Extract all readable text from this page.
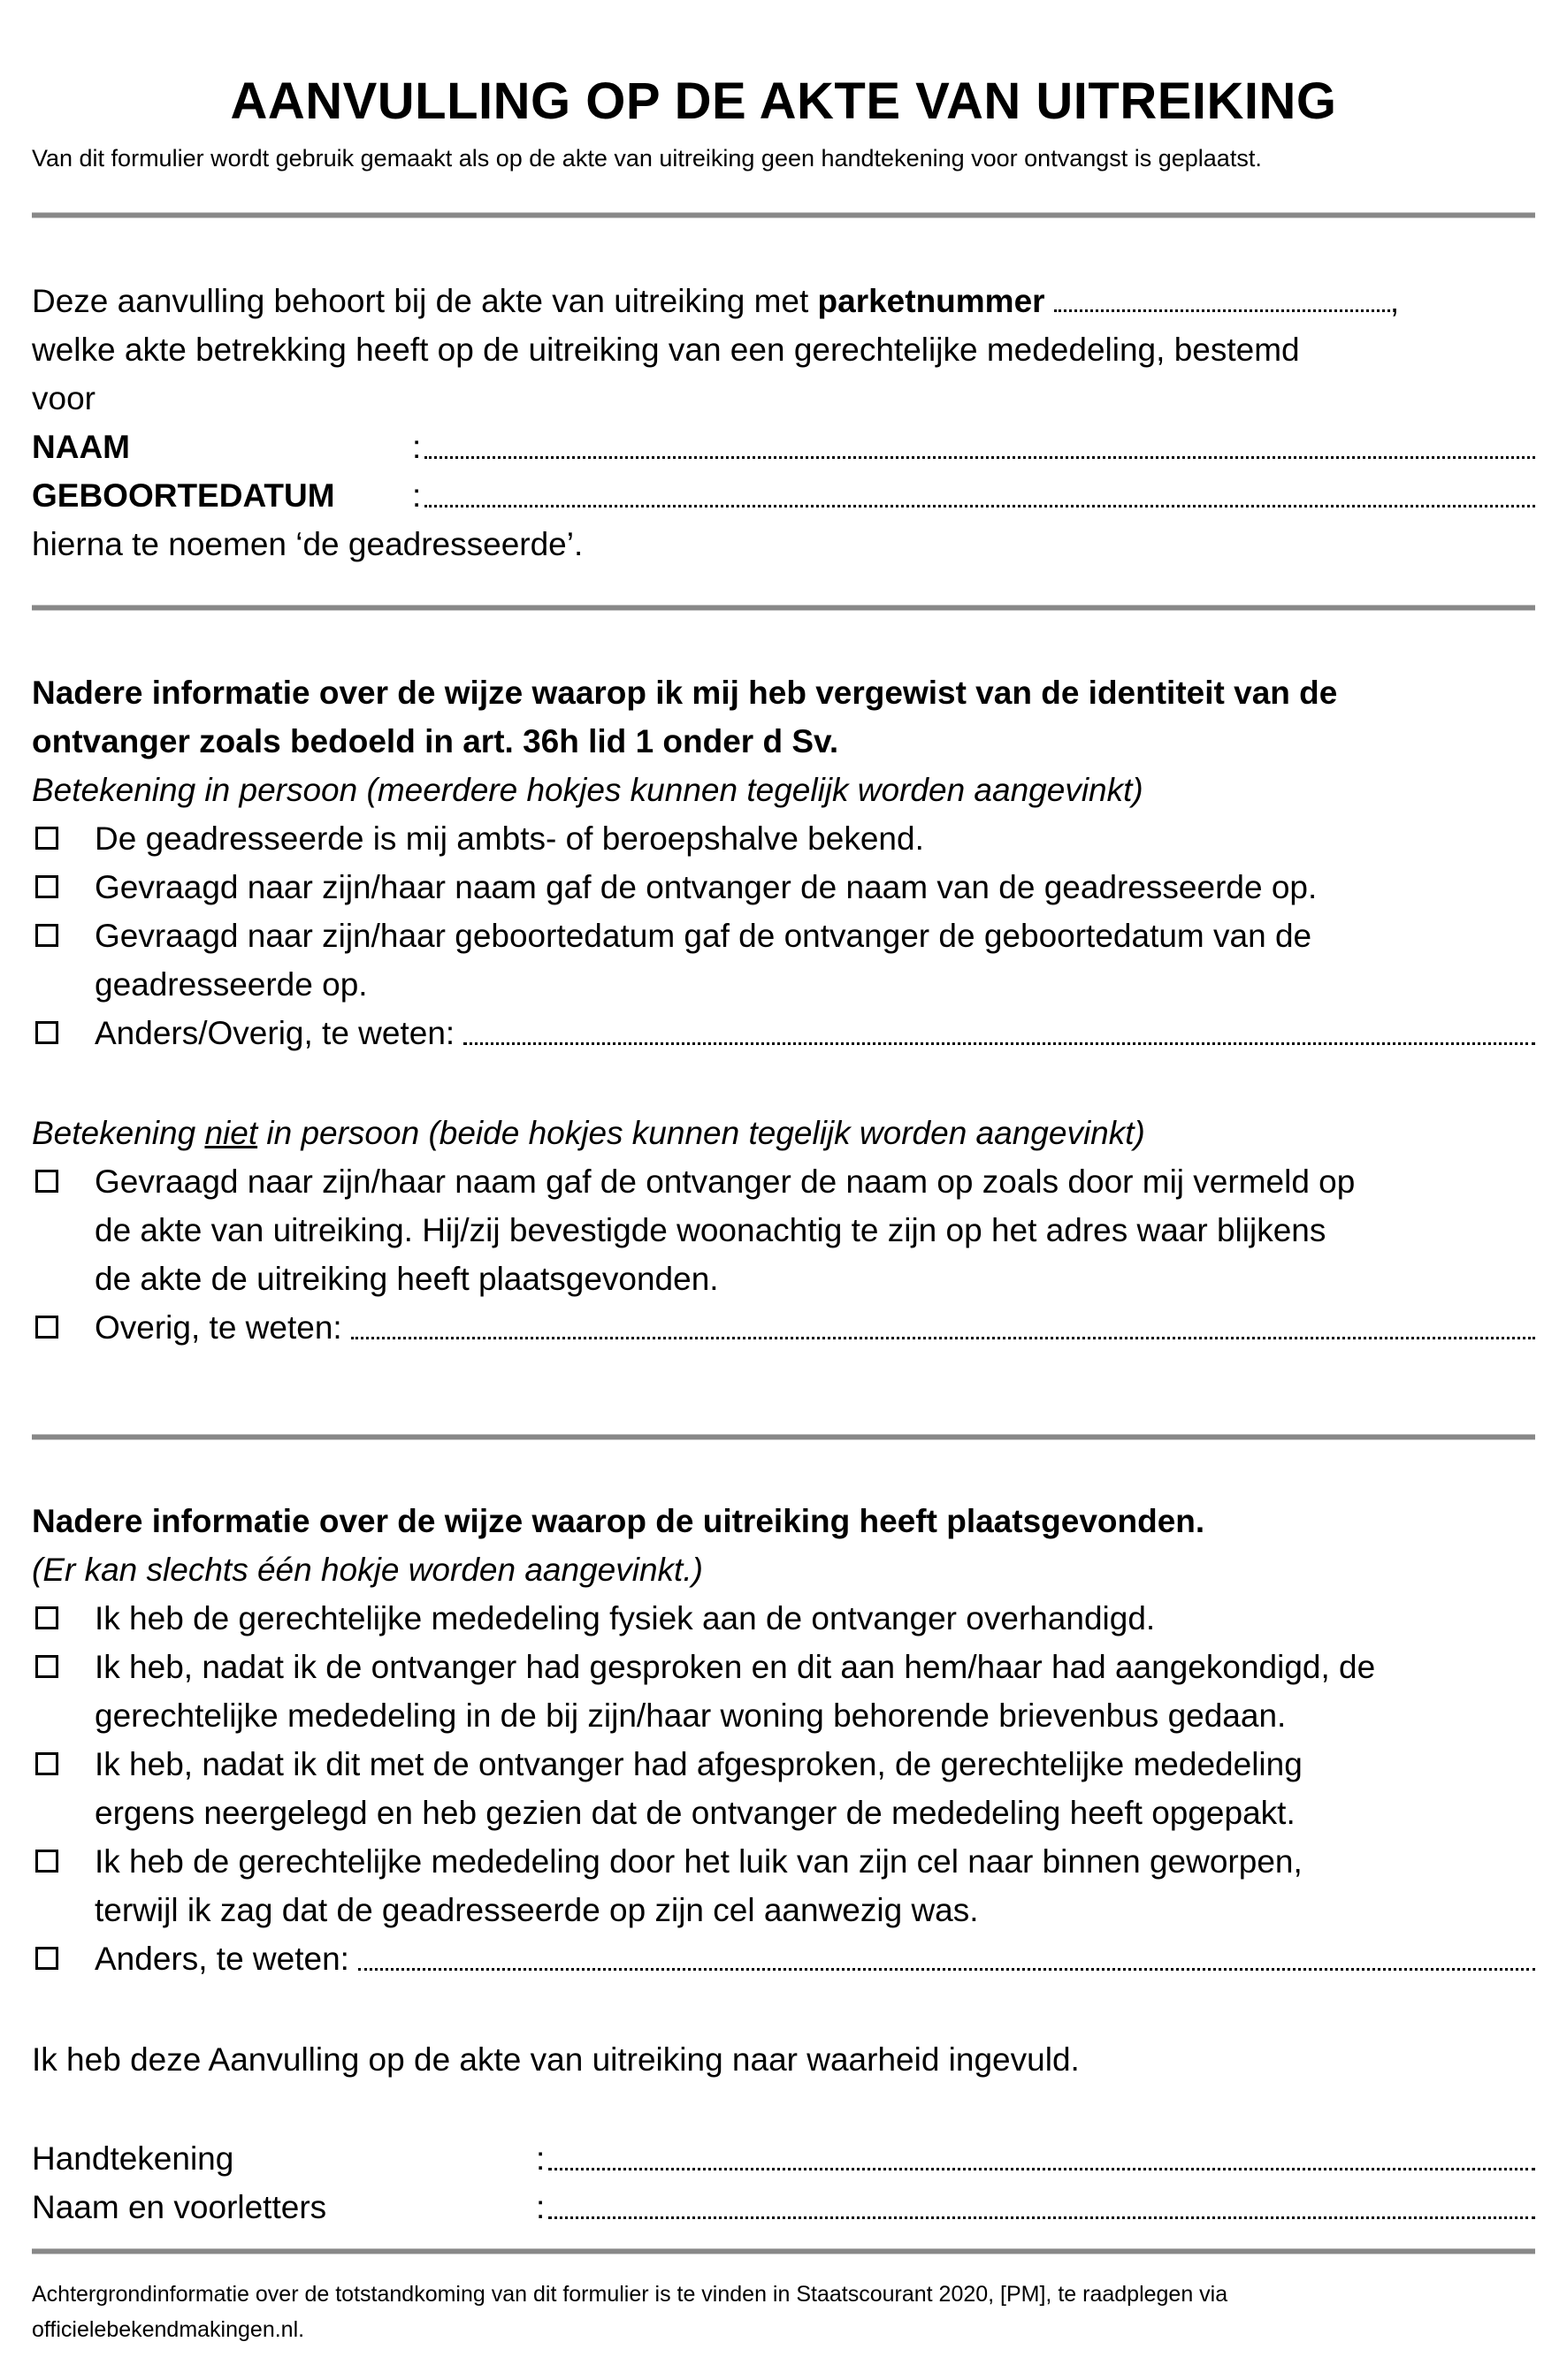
AANVULLING OP DE AKTE VAN UITREIKING
Van dit formulier wordt gebruik gemaakt als op de akte van uitreiking geen handtekening voor ontvangst is geplaatst.
Deze aanvulling behoort bij de akte van uitreiking met parketnummer	,
welke akte betrekking heeft op de uitreiking van een gerechtelijke mededeling, bestemd
voor
NAAM	:
GEBOORTEDATUM	:
hierna te noemen ‘de geadresseerde’.
Nadere informatie over de wijze waarop ik mij heb vergewist van de identiteit van de
ontvanger zoals bedoeld in art. 36h lid 1 onder d Sv.
Betekening in persoon (meerdere hokjes kunnen tegelijk worden aangevinkt)
De geadresseerde is mij ambts- of beroepshalve bekend.
Gevraagd naar zijn/haar naam gaf de ontvanger de naam van de geadresseerde op.
Gevraagd naar zijn/haar geboortedatum gaf de ontvanger de geboortedatum van de
geadresseerde op.
Anders/Overig, te weten:
Betekening niet in persoon (beide hokjes kunnen tegelijk worden aangevinkt)
Gevraagd naar zijn/haar naam gaf de ontvanger de naam op zoals door mij vermeld op
de akte van uitreiking. Hij/zij bevestigde woonachtig te zijn op het adres waar blijkens
de akte de uitreiking heeft plaatsgevonden.
Overig, te weten:
Nadere informatie over de wijze waarop de uitreiking heeft plaatsgevonden.
(Er kan slechts één hokje worden aangevinkt.)
Ik heb de gerechtelijke mededeling fysiek aan de ontvanger overhandigd.
Ik heb, nadat ik de ontvanger had gesproken en dit aan hem/haar had aangekondigd, de
gerechtelijke mededeling in de bij zijn/haar woning behorende brievenbus gedaan.
Ik heb, nadat ik dit met de ontvanger had afgesproken, de gerechtelijke mededeling
ergens neergelegd en heb gezien dat de ontvanger de mededeling heeft opgepakt.
Ik heb de gerechtelijke mededeling door het luik van zijn cel naar binnen geworpen,
terwijl ik zag dat de geadresseerde op zijn cel aanwezig was.
Anders, te weten:
Ik heb deze Aanvulling op de akte van uitreiking naar waarheid ingevuld.
Handtekening	:
Naam en voorletters	:
Achtergrondinformatie over de totstandkoming van dit formulier is te vinden in Staatscourant 2020, [PM], te raadplegen via
officielebekendmakingen.nl.
